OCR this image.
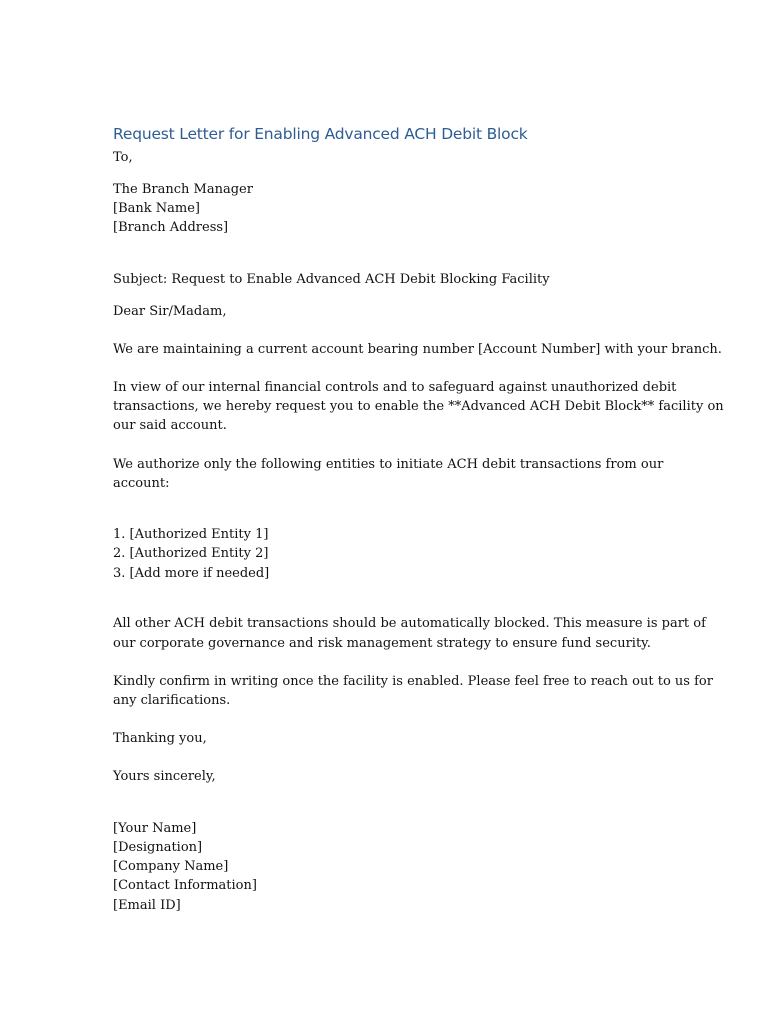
Request Letter for Enabling Advanced ACH Debit Block
To,
The Branch Manager
[Bank Name]
[Branch Address]
Subject: Request to Enable Advanced ACH Debit Blocking Facility
Dear Sir/Madam,
We are maintaining a current account bearing number [Account Number] with your branch.
In view of our internal financial controls and to safeguard against unauthorized debit
transactions, we hereby request you to enable the **Advanced ACH Debit Block** facility on
our said account.
We authorize only the following entities to initiate ACH debit transactions from our
account:
1. [Authorized Entity 1]
2. [Authorized Entity 2]
3. [Add more if needed]
All other ACH debit transactions should be automatically blocked. This measure is part of
our corporate governance and risk management strategy to ensure fund security.
Kindly confirm in writing once the facility is enabled. Please feel free to reach out to us for
any clarifications.
Thanking you,
Yours sincerely,
[Your Name]
[Designation]
[Company Name]
[Contact Information]
[Email ID]
